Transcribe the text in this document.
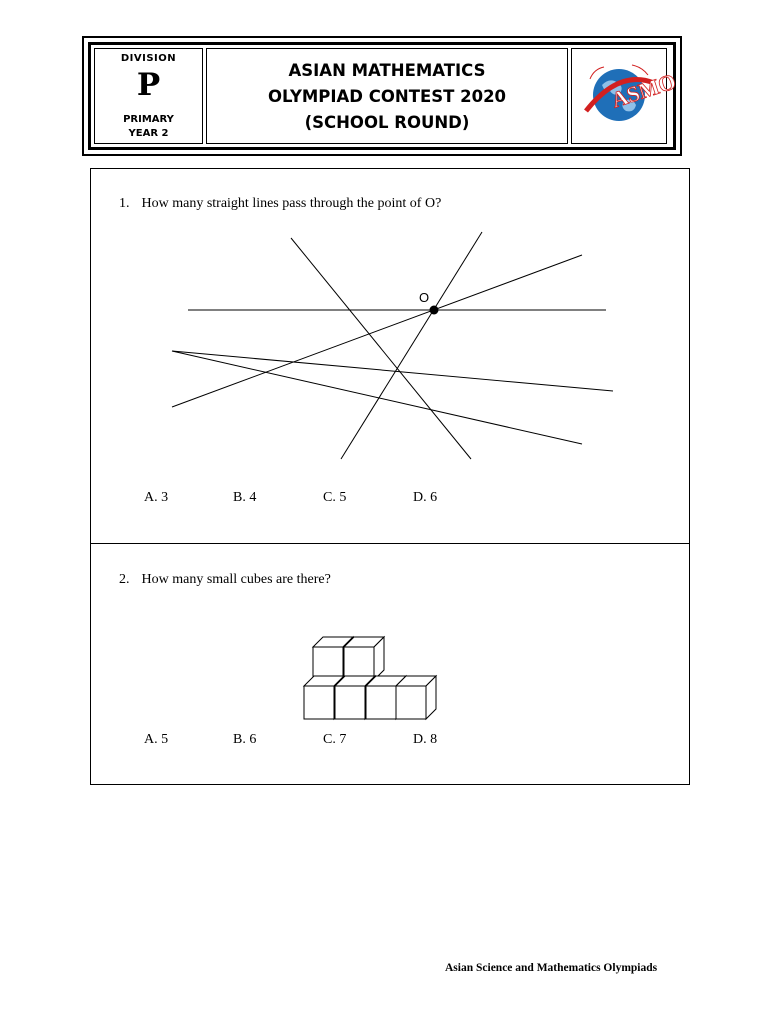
DIVISION
P
PRIMARY
YEAR 2
ASIAN MATHEMATICS
OLYMPIAD CONTEST 2020
(SCHOOL ROUND)
ASMO
1. How many straight lines pass through the point of O?
O
A. 3	B. 4	C. 5	D. 6
2. How many small cubes are there?
A. 5	B. 6	C. 7	D. 8
Asian Science and Mathematics Olympiads
